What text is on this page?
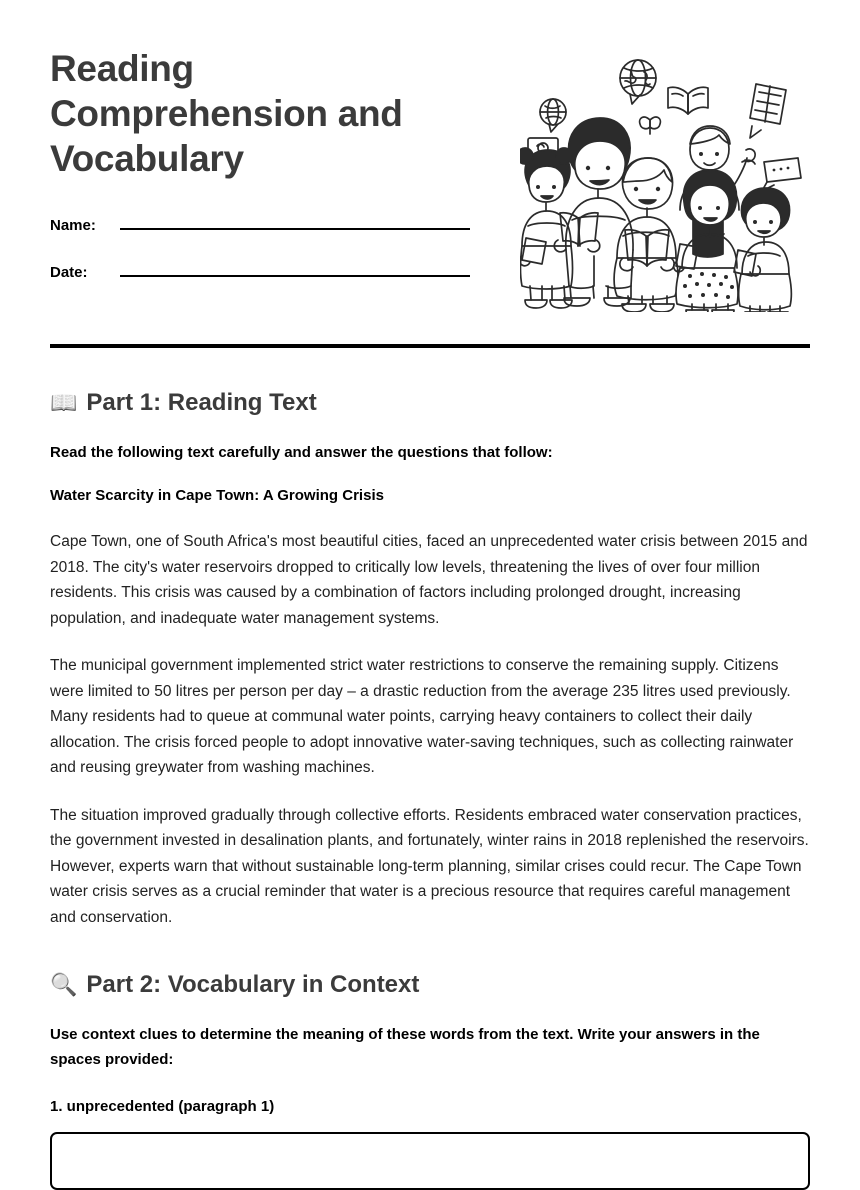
Reading Comprehension and Vocabulary
Name:
Date:
📖 Part 1: Reading Text

Read the following text carefully and answer the questions that follow:

Water Scarcity in Cape Town: A Growing Crisis

Cape Town, one of South Africa's most beautiful cities, faced an unprecedented water crisis between 2015 and 2018. The city's water reservoirs dropped to critically low levels, threatening the lives of over four million residents. This crisis was caused by a combination of factors including prolonged drought, increasing population, and inadequate water management systems.

The municipal government implemented strict water restrictions to conserve the remaining supply. Citizens were limited to 50 litres per person per day – a drastic reduction from the average 235 litres used previously. Many residents had to queue at communal water points, carrying heavy containers to collect their daily allocation. The crisis forced people to adopt innovative water-saving techniques, such as collecting rainwater and reusing greywater from washing machines.

The situation improved gradually through collective efforts. Residents embraced water conservation practices, the government invested in desalination plants, and fortunately, winter rains in 2018 replenished the reservoirs. However, experts warn that without sustainable long-term planning, similar crises could recur. The Cape Town water crisis serves as a crucial reminder that water is a precious resource that requires careful management and conservation.

🔍 Part 2: Vocabulary in Context

Use context clues to determine the meaning of these words from the text. Write your answers in the spaces provided:

1. unprecedented (paragraph 1)
